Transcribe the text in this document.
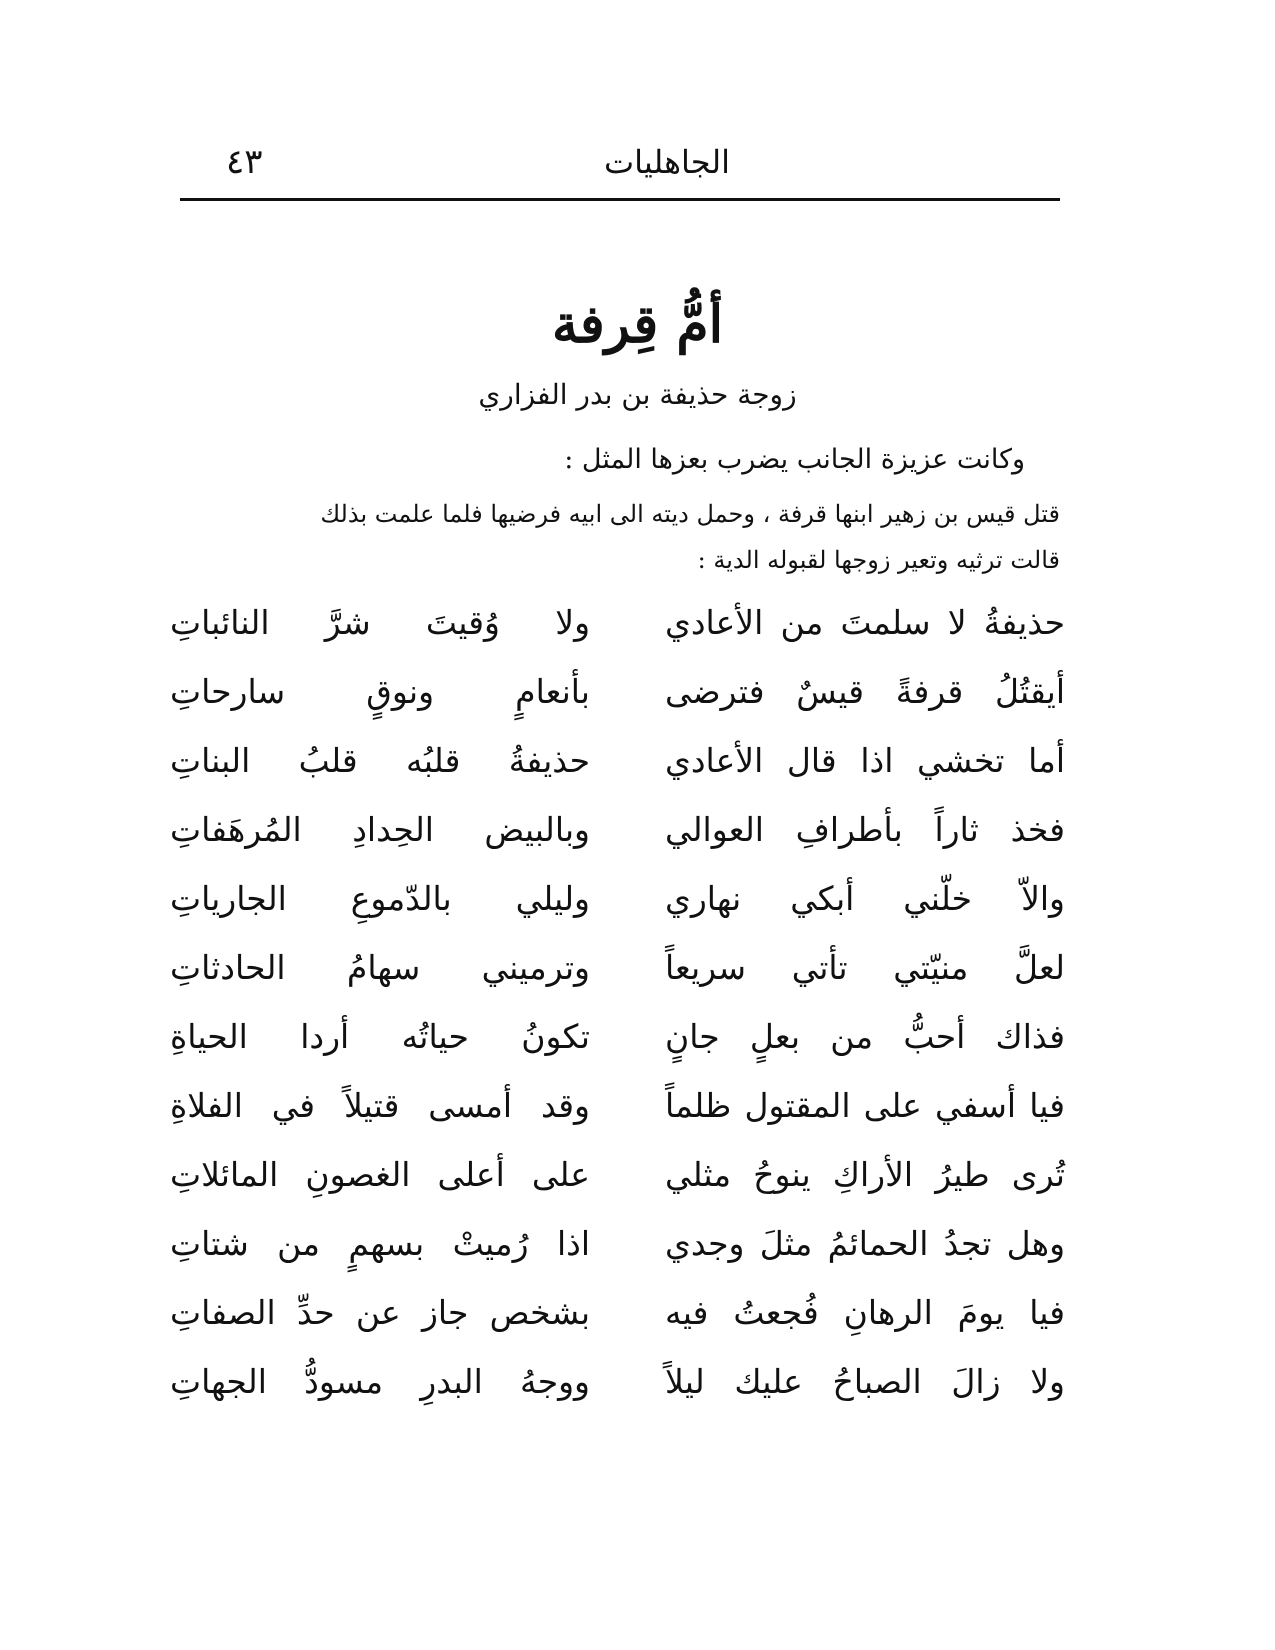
٤٣	الجاهليات
أمُّ قِرفة
زوجة حذيفة بن بدر الفزاري
وكانت عزيزة الجانب يضرب بعزها المثل :
قتل قيس بن زهير ابنها قرفة ، وحمل ديته الى ابيه فرضيها فلما علمت بذلك
قالت ترثيه وتعير زوجها لقبوله الدية :
حذيفةُ لا سلمتَ من الأعادي
ولا وُقيتَ شرَّ النائباتِ
أيقتُلُ قرفةً قيسٌ فترضى
بأنعامٍ ونوقٍ سارحاتِ
أما تخشي اذا قال الأعادي
حذيفةُ قلبُه قلبُ البناتِ
فخذ ثاراً بأطرافِ العوالي
وبالبيض الحِدادِ المُرهَفاتِ
والاّ خلّني أبكي نهاري
وليلي بالدّموعِ الجارياتِ
لعلَّ منيّتي تأتي سريعاً
وترميني سهامُ الحادثاتِ
فذاك أحبُّ من بعلٍ جانٍ
تكونُ حياتُه أردا الحياةِ
فيا أسفي على المقتول ظلماً
وقد أمسى قتيلاً في الفلاةِ
تُرى طيرُ الأراكِ ينوحُ مثلي
على أعلى الغصونِ المائلاتِ
وهل تجدُ الحمائمُ مثلَ وجدي
اذا رُميتْ بسهمٍ من شتاتِ
فيا يومَ الرهانِ فُجعتُ فيه
بشخص جاز عن حدِّ الصفاتِ
ولا زالَ الصباحُ عليك ليلاً
ووجهُ البدرِ مسودُّ الجهاتِ
